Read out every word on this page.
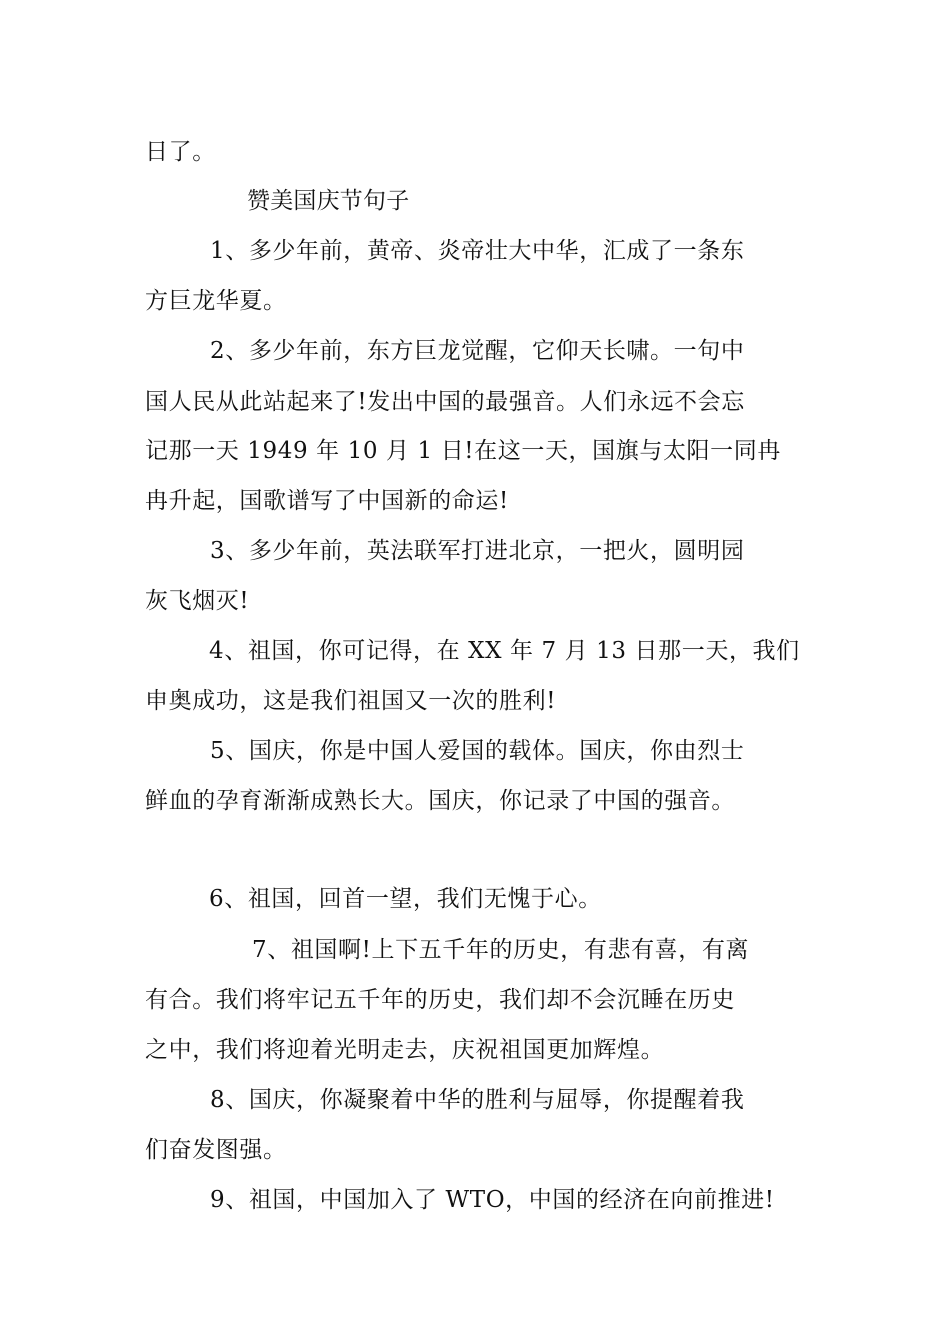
日了。
赞美国庆节句子
1、多少年前，黄帝、炎帝壮大中华，汇成了一条东
方巨龙华夏。
2、多少年前，东方巨龙觉醒，它仰天长啸。一句中
国人民从此站起来了!发出中国的最强音。人们永远不会忘
记那一天 1949 年 10 月 1 日!在这一天，国旗与太阳一同冉
冉升起，国歌谱写了中国新的命运!
3、多少年前，英法联军打进北京，一把火，圆明园
灰飞烟灭!
4、祖国，你可记得，在 XX 年 7 月 13 日那一天，我们
申奥成功，这是我们祖国又一次的胜利!
5、国庆，你是中国人爱国的载体。国庆，你由烈士
鲜血的孕育渐渐成熟长大。国庆，你记录了中国的强音。
6、祖国，回首一望，我们无愧于心。
7、祖国啊!上下五千年的历史，有悲有喜，有离
有合。我们将牢记五千年的历史，我们却不会沉睡在历史
之中，我们将迎着光明走去，庆祝祖国更加辉煌。
8、国庆，你凝聚着中华的胜利与屈辱，你提醒着我
们奋发图强。
9、祖国，中国加入了 WTO，中国的经济在向前推进!
